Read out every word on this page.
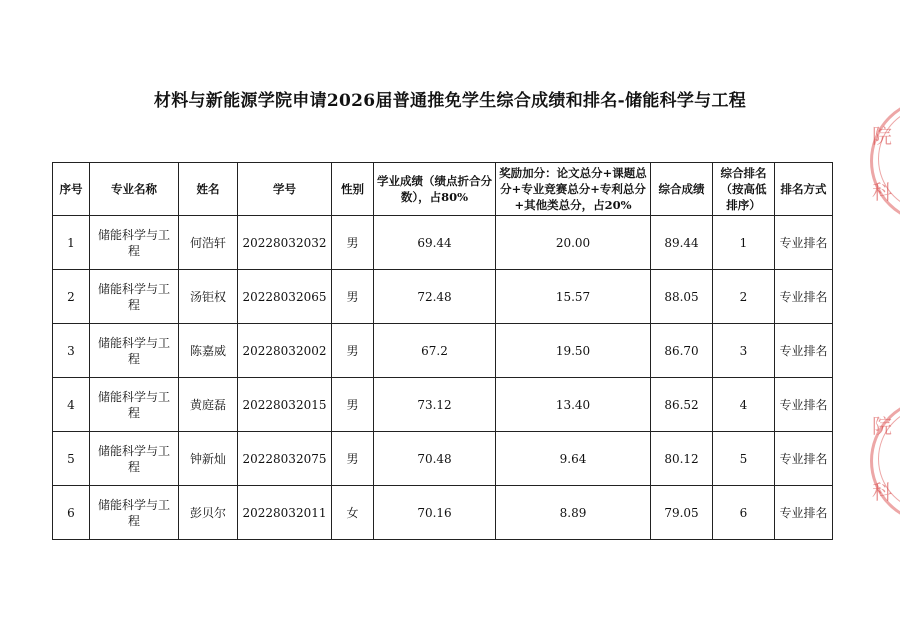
材料与新能源学院申请2026届普通推免学生综合成绩和排名-储能科学与工程
序号	专业名称	姓名	学号	性别	学业成绩（绩点折合分数），占80%	奖励加分：论文总分+课题总分+专业竞赛总分+专利总分+其他类总分，占20%	综合成绩	综合排名（按高低排序）	排名方式
1	储能科学与工程	何浩轩	20228032032	男	69.44	20.00	89.44	1	专业排名
2	储能科学与工程	汤钜权	20228032065	男	72.48	15.57	88.05	2	专业排名
3	储能科学与工程	陈嘉威	20228032002	男	67.2	19.50	86.70	3	专业排名
4	储能科学与工程	黄庭磊	20228032015	男	73.12	13.40	86.52	4	专业排名
5	储能科学与工程	钟新灿	20228032075	男	70.48	9.64	80.12	5	专业排名
6	储能科学与工程	彭贝尔	20228032011	女	70.16	8.89	79.05	6	专业排名
院
科
院
科
